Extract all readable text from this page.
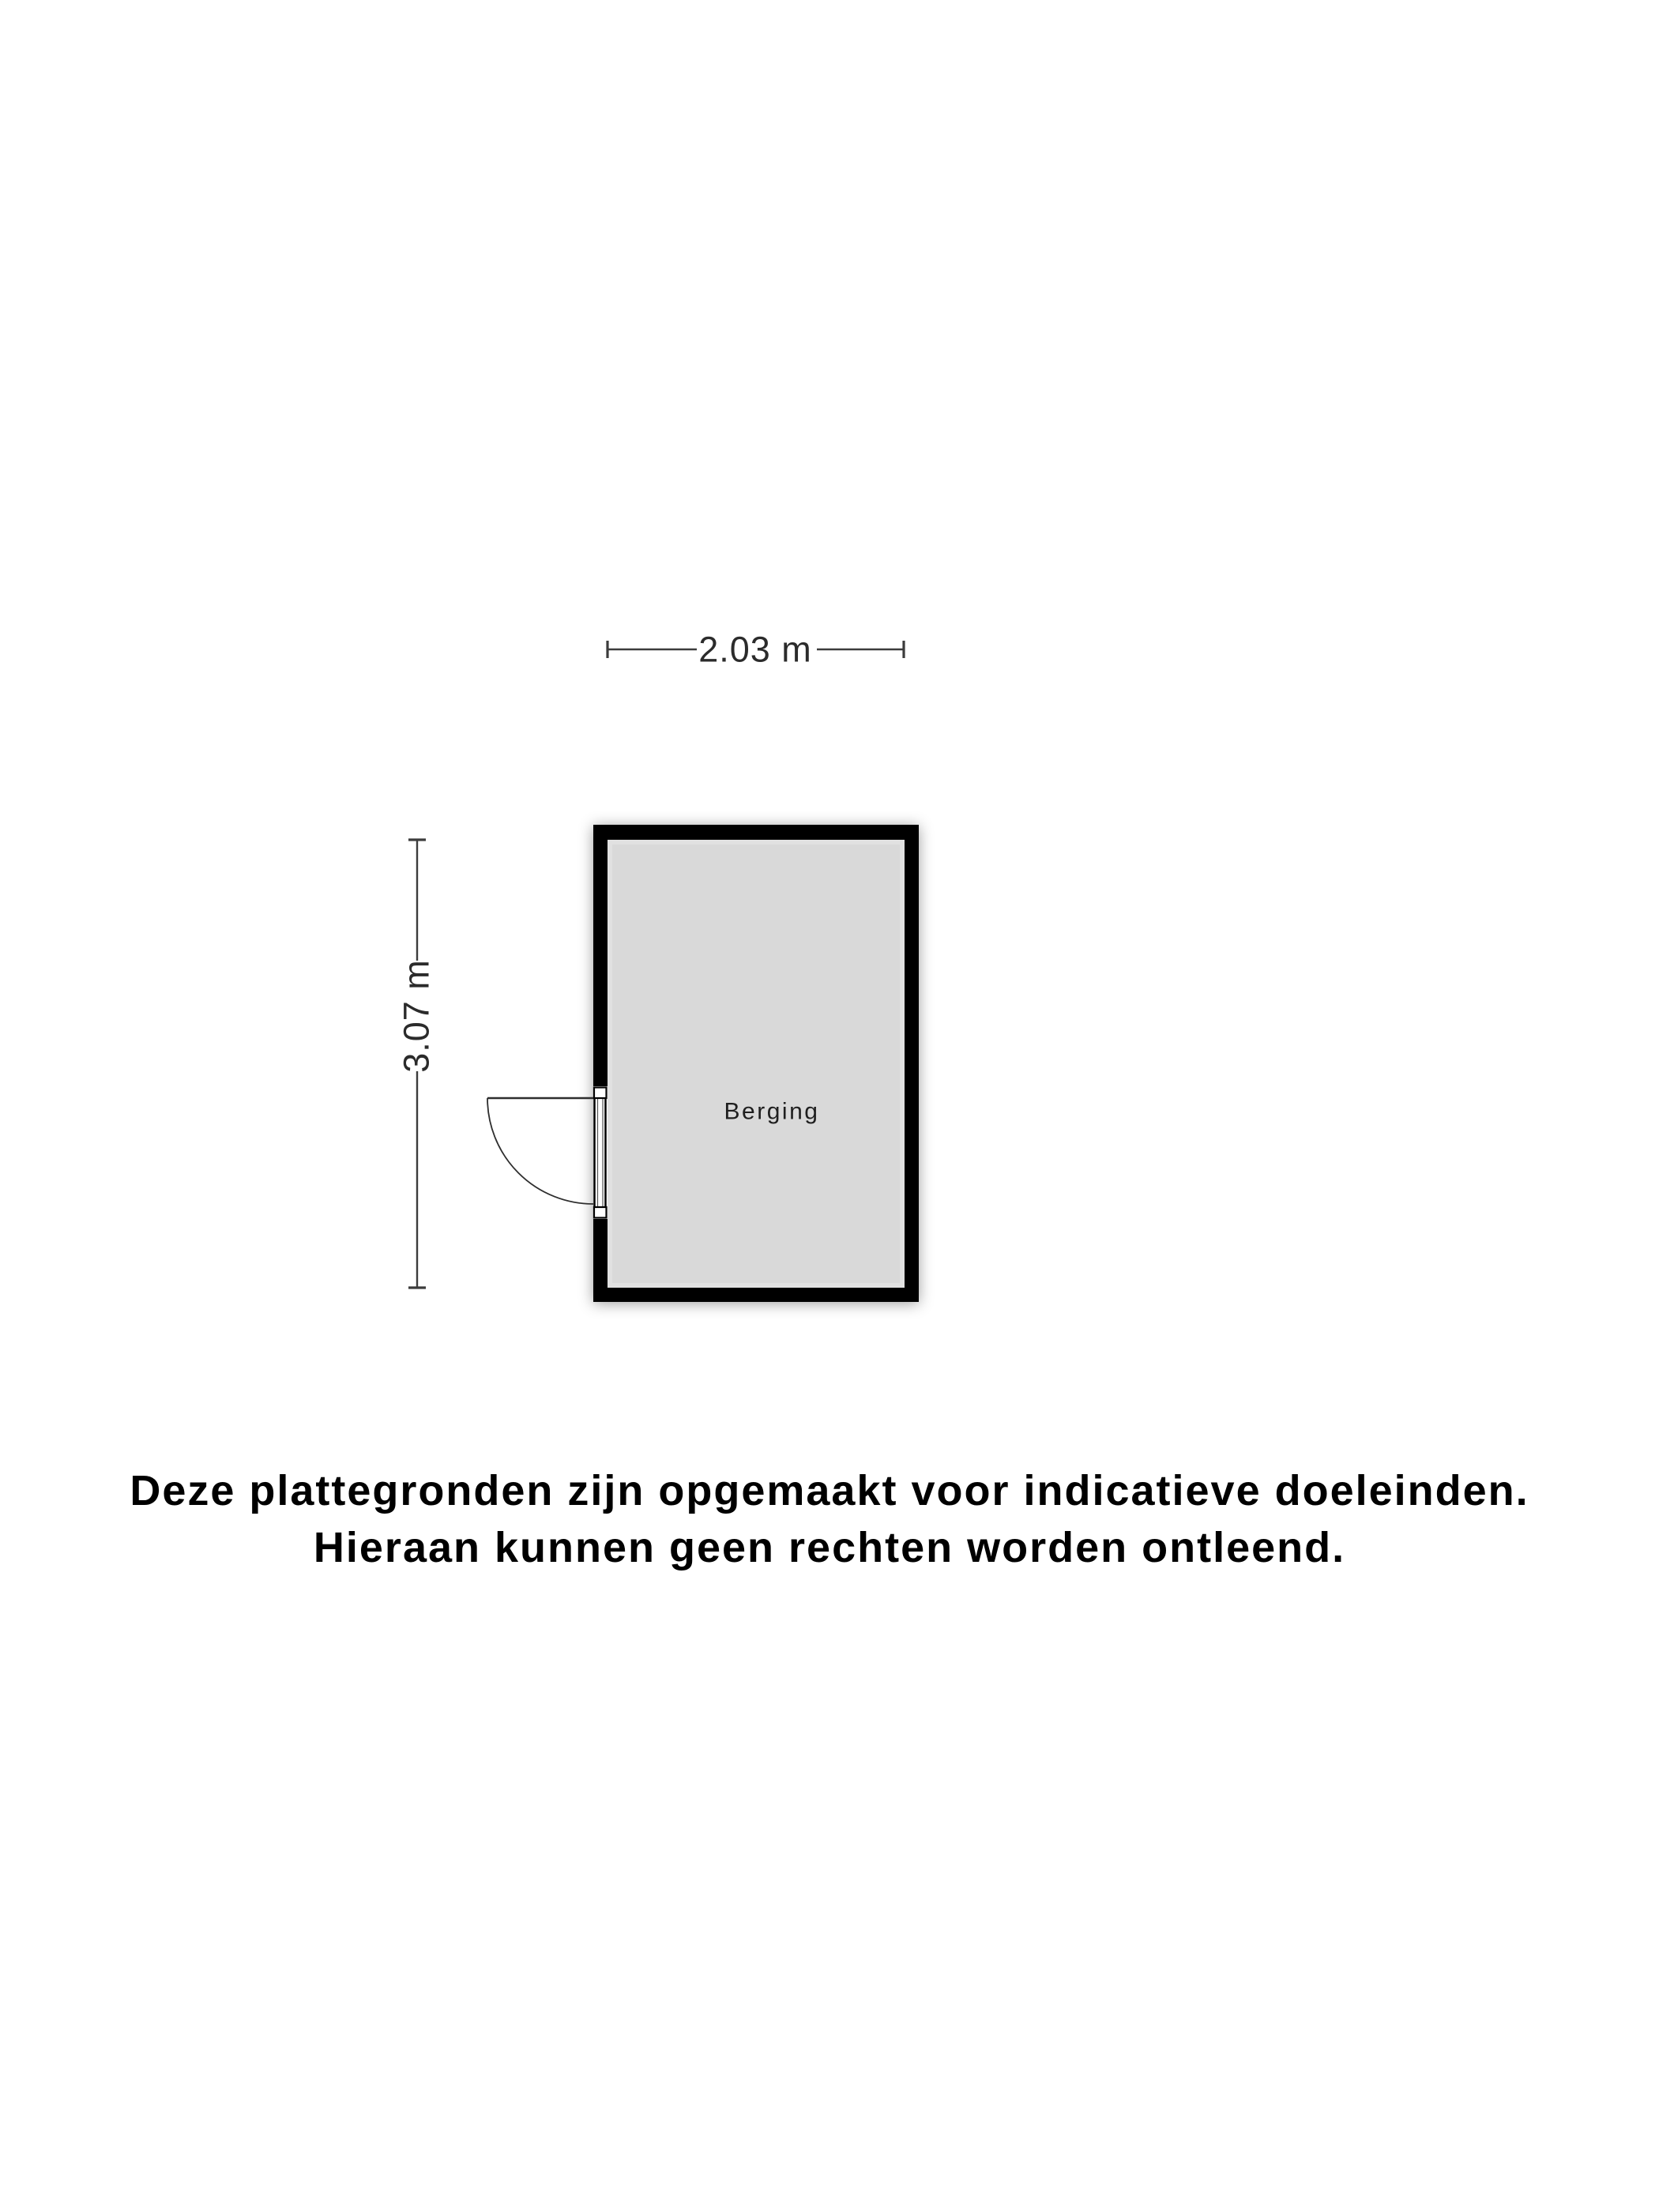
2.03 m
3.07 m
Berging
Deze plattegronden zijn opgemaakt voor indicatieve doeleinden.
Hieraan kunnen geen rechten worden ontleend.
